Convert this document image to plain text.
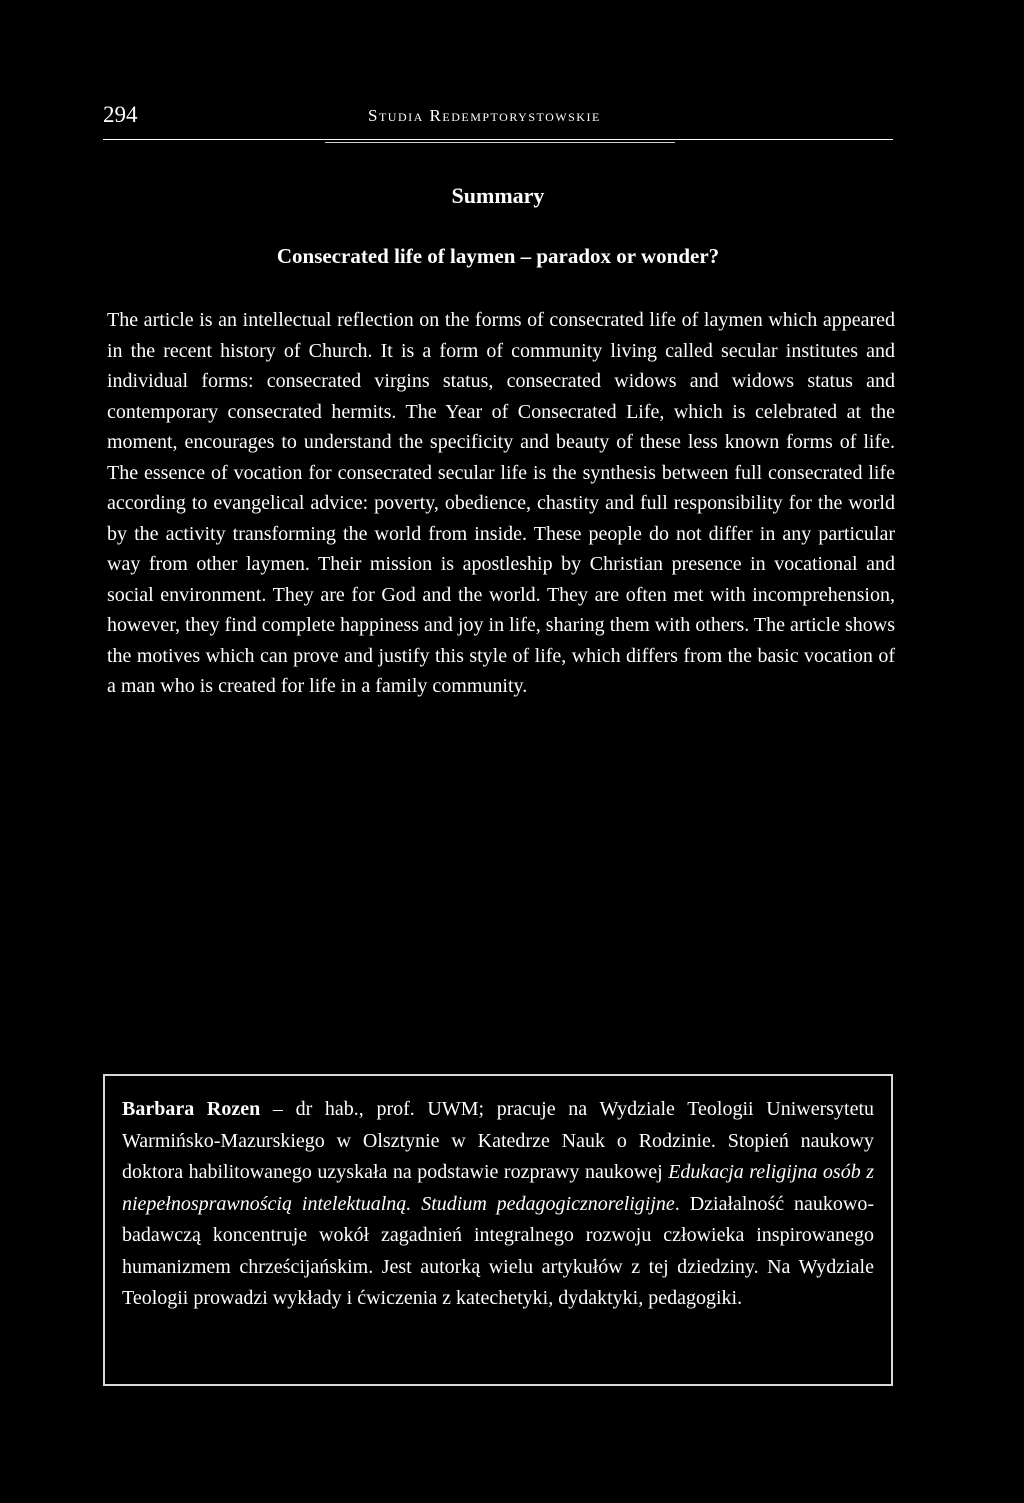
294	Studia Redemptorystowskie
Summary
Consecrated life of laymen – paradox or wonder?

The article is an intellectual reflection on the forms of consecrated life of laymen which appeared in the recent history of Church. It is a form of community living called secular institutes and individual forms: consecrated virgins status, consecrated widows and widows status and contemporary consecrated hermits. The Year of Consecrated Life, which is celebrated at the moment, encourages to understand the specificity and beauty of these less known forms of life. The essence of vocation for consecrated secular life is the synthesis between full consecrated life according to evangelical advice: poverty, obedience, chastity and full responsibility for the world by the activity transforming the world from inside. These people do not differ in any particular way from other laymen. Their mission is apostleship by Christian presence in vocational and social environment. They are for God and the world. They are often met with incomprehension, however, they find complete happiness and joy in life, sharing them with others. The article shows the motives which can prove and justify this style of life, which differs from the basic vocation of a man who is created for life in a family community.

Barbara Rozen – dr hab., prof. UWM; pracuje na Wydziale Teologii Uniwersytetu Warmińsko-Mazurskiego w Olsztynie w Katedrze Nauk o Rodzinie. Stopień naukowy doktora habilitowanego uzyskała na podstawie rozprawy naukowej Edukacja religijna osób z niepełnosprawnością intelektualną. Studium pedagogicznoreligijne. Działalność naukowo-badawczą koncentruje wokół zagadnień integralnego rozwoju człowieka inspirowanego humanizmem chrześcijańskim. Jest autorką wielu artykułów z tej dziedziny. Na Wydziale Teologii prowadzi wykłady i ćwiczenia z katechetyki, dydaktyki, pedagogiki.
